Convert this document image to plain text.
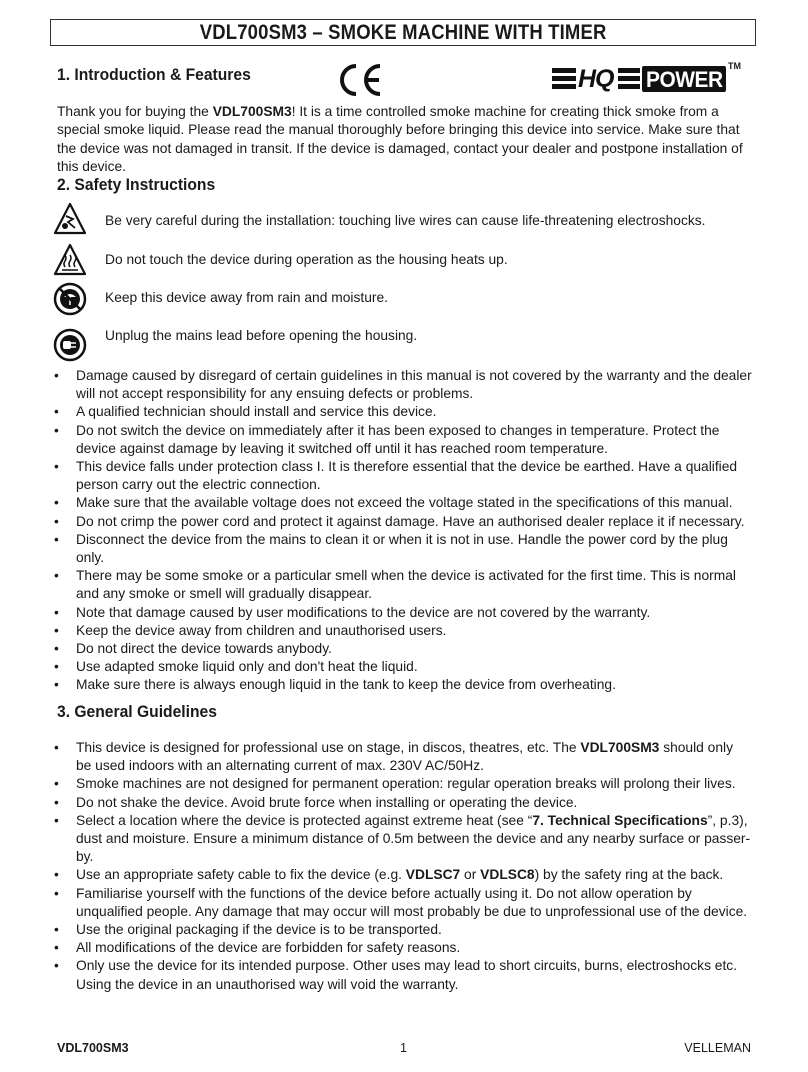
VDL700SM3 – SMOKE MACHINE WITH TIMER
1. Introduction & Features	HQ POWER
TM

Thank you for buying the VDL700SM3! It is a time controlled smoke machine for creating thick smoke from a special smoke liquid. Please read the manual thoroughly before bringing this device into service. Make sure that the device was not damaged in transit. If the device is damaged, contact your dealer and postpone installation of this device.

2. Safety Instructions
Be very careful during the installation: touching live wires can cause life-threatening electroshocks.
Do not touch the device during operation as the housing heats up.
Keep this device away from rain and moisture.
Unplug the mains lead before opening the housing.
• Damage caused by disregard of certain guidelines in this manual is not covered by the warranty and the dealer will not accept responsibility for any ensuing defects or problems.
• A qualified technician should install and service this device.
• Do not switch the device on immediately after it has been exposed to changes in temperature. Protect the device against damage by leaving it switched off until it has reached room temperature.
• This device falls under protection class I. It is therefore essential that the device be earthed. Have a qualified person carry out the electric connection.
• Make sure that the available voltage does not exceed the voltage stated in the specifications of this manual.
• Do not crimp the power cord and protect it against damage. Have an authorised dealer replace it if necessary.
• Disconnect the device from the mains to clean it or when it is not in use. Handle the power cord by the plug only.
• There may be some smoke or a particular smell when the device is activated for the first time. This is normal and any smoke or smell will gradually disappear.
• Note that damage caused by user modifications to the device are not covered by the warranty.
• Keep the device away from children and unauthorised users.
• Do not direct the device towards anybody.
• Use adapted smoke liquid only and don't heat the liquid.
• Make sure there is always enough liquid in the tank to keep the device from overheating.
3. General Guidelines
• This device is designed for professional use on stage, in discos, theatres, etc. The VDL700SM3 should only be used indoors with an alternating current of max. 230V AC/50Hz.
• Smoke machines are not designed for permanent operation: regular operation breaks will prolong their lives.
• Do not shake the device. Avoid brute force when installing or operating the device.
• Select a location where the device is protected against extreme heat (see “7. Technical Specifications”, p.3), dust and moisture. Ensure a minimum distance of 0.5m between the device and any nearby surface or passer-by.
• Use an appropriate safety cable to fix the device (e.g. VDLSC7 or VDLSC8) by the safety ring at the back.
• Familiarise yourself with the functions of the device before actually using it. Do not allow operation by unqualified people. Any damage that may occur will most probably be due to unprofessional use of the device.
• Use the original packaging if the device is to be transported.
• All modifications of the device are forbidden for safety reasons.
• Only use the device for its intended purpose. Other uses may lead to short circuits, burns, electroshocks etc. Using the device in an unauthorised way will void the warranty.
VDL700SM3	1	VELLEMAN
